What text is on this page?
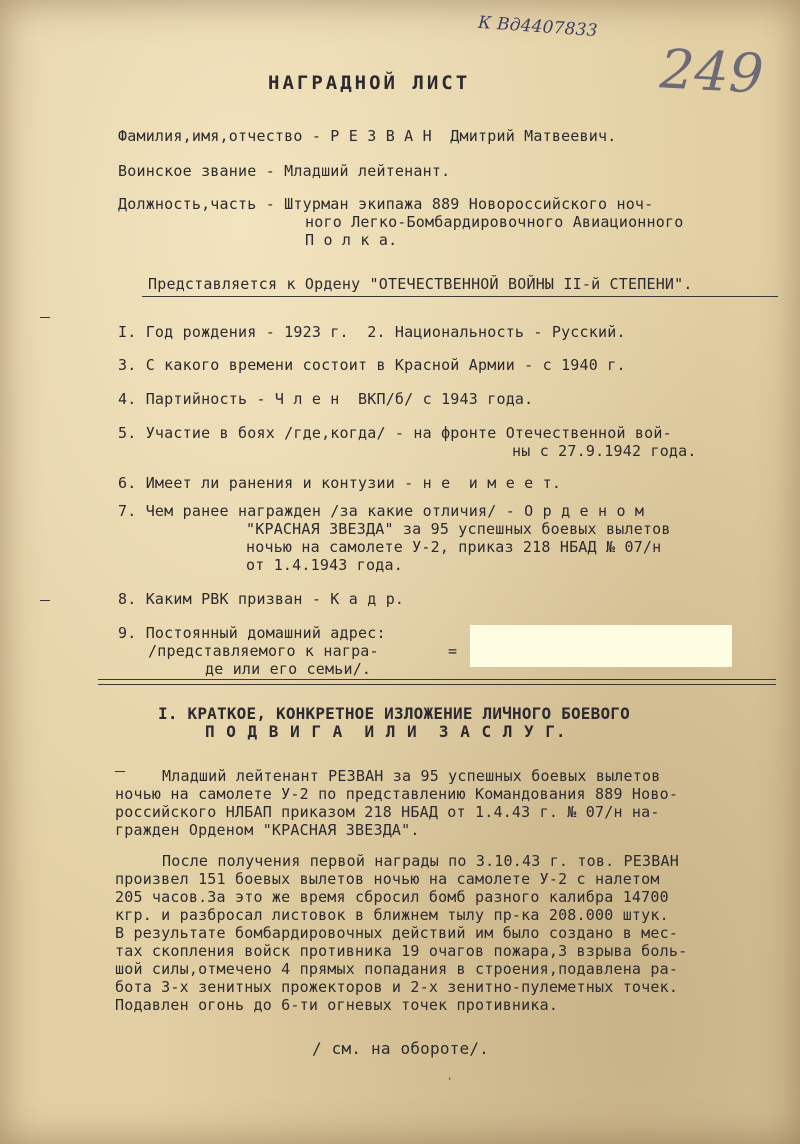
К Вд4407833
249
НАГРАДНОЙ ЛИСТ
Фамилия,имя,отчество - Р Е З В А Н  Дмитрий Матвеевич.
Воинское звание - Младший лейтенант.
Должность,часть - Штурман экипажа 889 Новороссийского ноч-
ного Легко-Бомбардировочного Авиационного
П о л к а.
Представляется к Ордену "ОТЕЧЕСТВЕННОЙ ВОЙНЫ II-й СТЕПЕНИ".
I. Год рождения - 1923 г.  2. Национальность - Русский.
3. С какого времени состоит в Красной Армии - с 1940 г.
4. Партийность - Ч л е н  ВКП/б/ с 1943 года.
5. Участие в боях /где,когда/ - на фронте Отечественной вой-
ны с 27.9.1942 года.
6. Имеет ли ранения и контузии - н е  и м е е т.
7. Чем ранее награжден /за какие отличия/ - О р д е н о м
"КРАСНАЯ ЗВЕЗДА" за 95 успешных боевых вылетов
ночью на самолете У-2, приказ 218 НБАД № 07/н
от 1.4.1943 года.
8. Каким РВК призван - К а д р.
9. Постоянный домашний адрес:
/представляемого к награ-
де или его семьи/.
=
I. КРАТКОЕ, КОНКРЕТНОЕ ИЗЛОЖЕНИЕ ЛИЧНОГО БОЕВОГО
П О Д В И Г А  И Л И  З А С Л У Г.
Младший лейтенант РЕЗВАН за 95 успешных боевых вылетов
ночью на самолете У-2 по представлению Командования 889 Ново-
российского НЛБАП приказом 218 НБАД от 1.4.43 г. № 07/н на-
гражден Орденом "КРАСНАЯ ЗВЕЗДА".
После получения первой награды по 3.10.43 г. тов. РЕЗВАН
произвел 151 боевых вылетов ночью на самолете У-2 с налетом
205 часов.За это же время сбросил бомб разного калибра 14700
кгр. и разбросал листовок в ближнем тылу пр-ка 208.000 штук.
В результате бомбардировочных действий им было создано в мес-
тах скопления войск противника 19 очагов пожара,3 взрыва боль-
шой силы,отмечено 4 прямых попадания в строения,подавлена ра-
бота 3-х зенитных прожекторов и 2-х зенитно-пулеметных точек.
Подавлен огонь до 6-ти огневых точек противника.
/ см. на обороте/.
·
